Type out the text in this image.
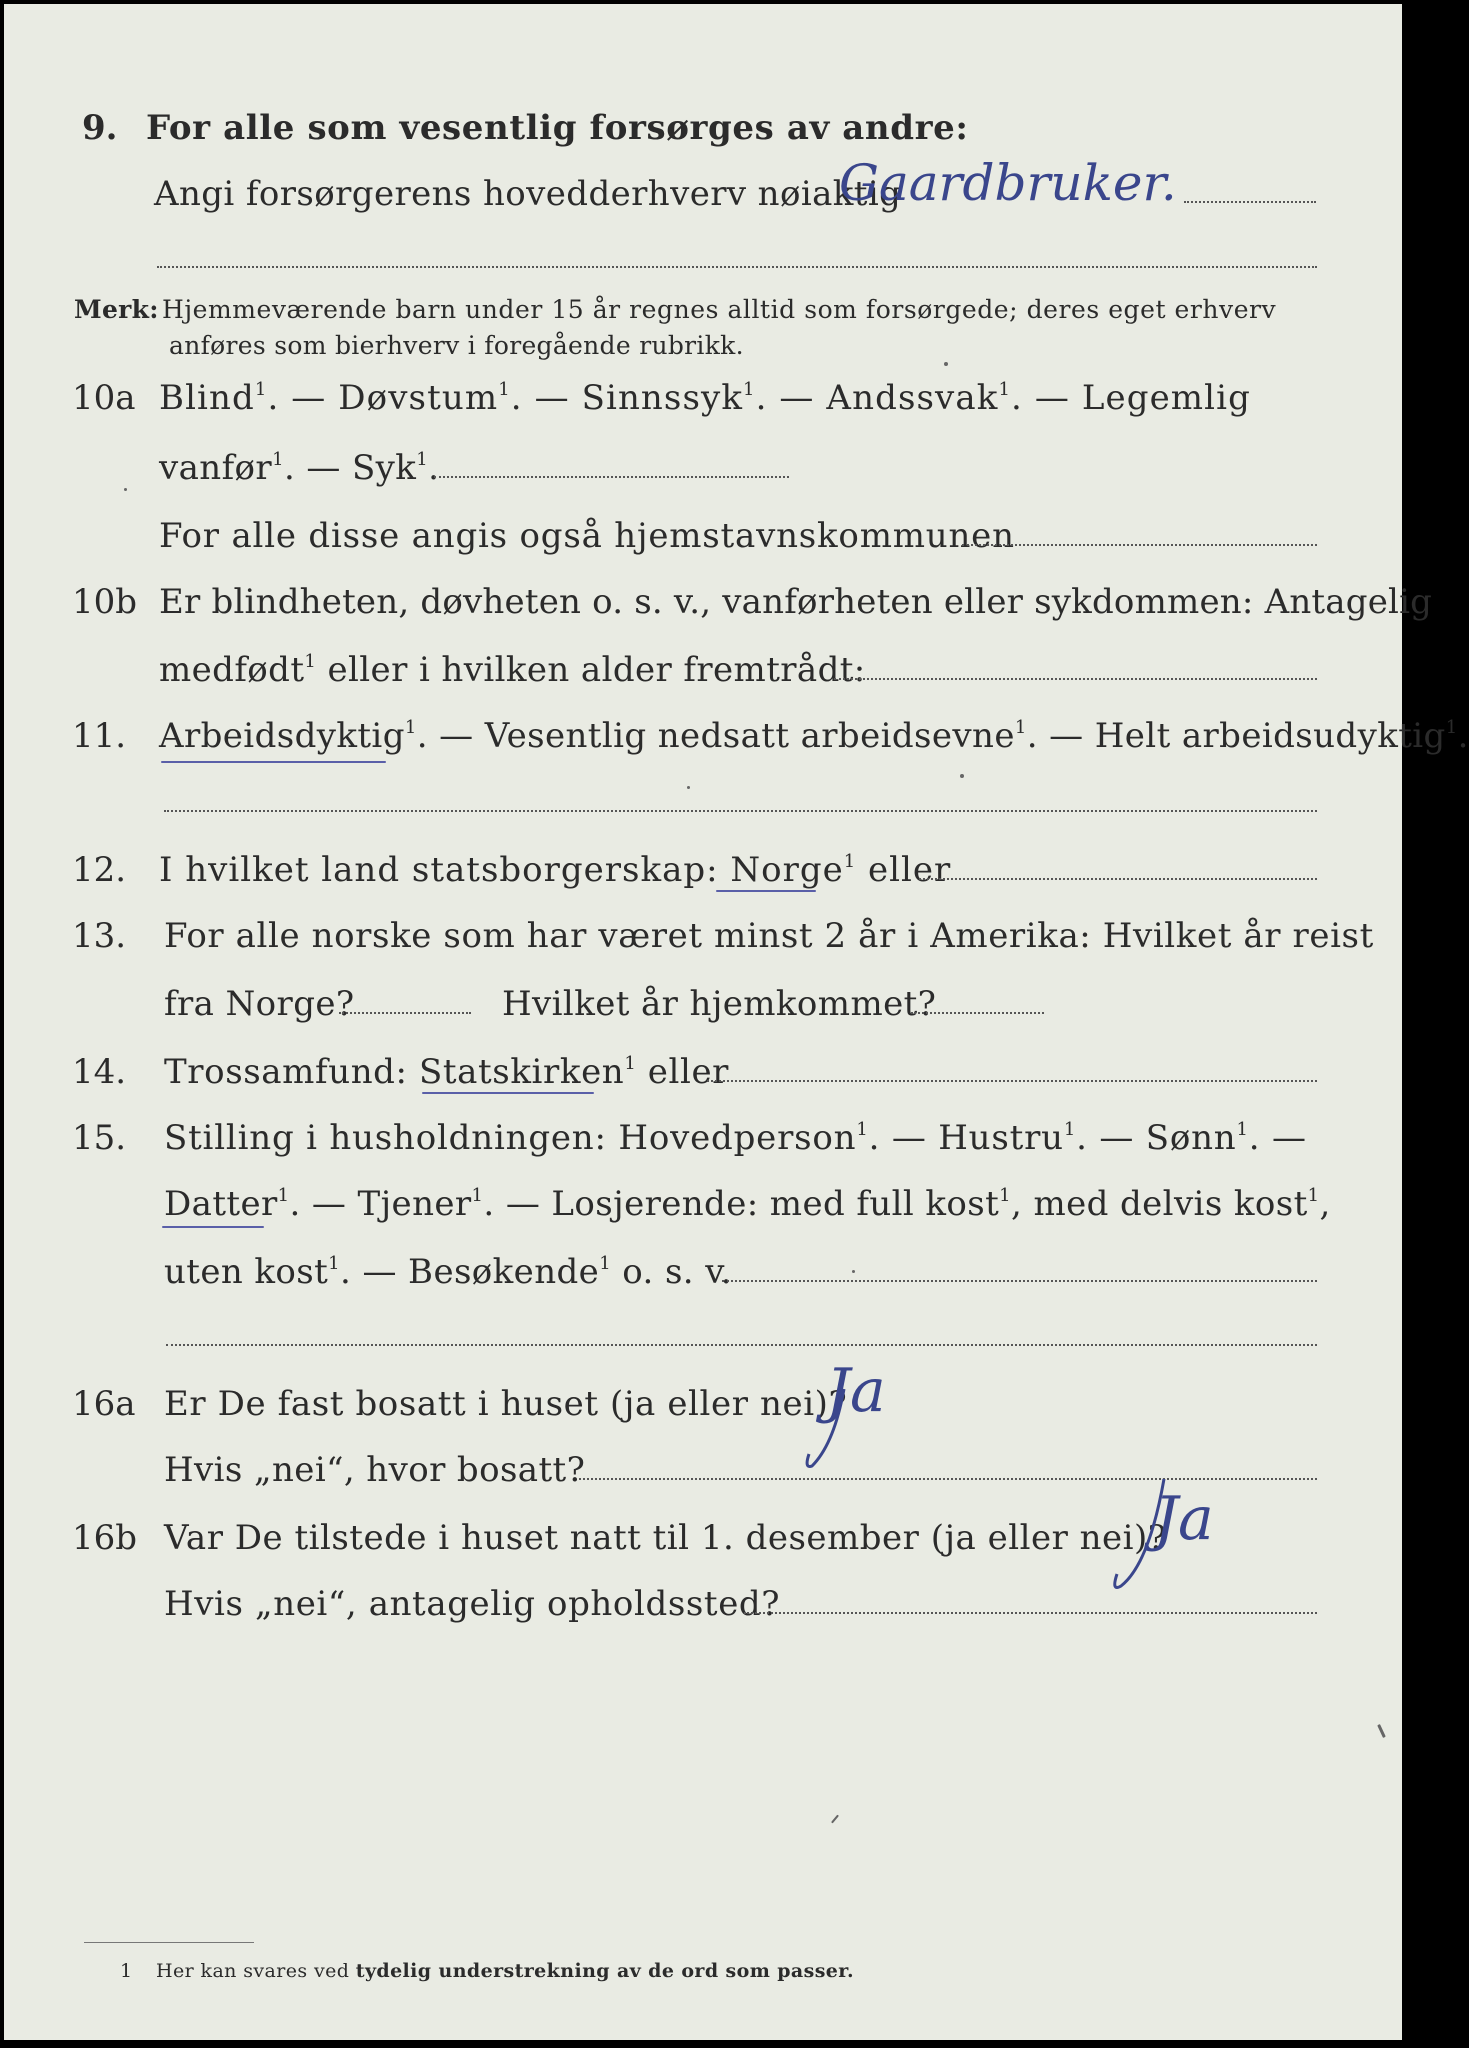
9. For alle som vesentlig forsørges av andre:
Angi forsørgerens hovedderhverv nøiaktig
Gaardbruker.
Merk: Hjemmeværende barn under 15 år regnes alltid som forsørgede; deres eget erhverv
anføres som bierhverv i foregående rubrikk.
10a Blind$^1$. — Døvstum$^1$. — Sinnssyk$^1$. — Andssvak$^1$. — Legemlig
vanfør$^1$. — Syk$^1$.
For alle disse angis også hjemstavnskommunen
10b Er blindheten, døvheten o. s. v., vanførheten eller sykdommen: Antagelig
medfødt$^1$ eller i hvilken alder fremtrådt:
11. Arbeidsdyktig$^1$. — Vesentlig nedsatt arbeidsevne$^1$. — Helt arbeidsudyktig$^1$.
12. I hvilket land statsborgerskap: Norge$^1$ eller
13. For alle norske som har været minst 2 år i Amerika: Hvilket år reist
fra Norge?	Hvilket år hjemkommet?
14. Trossamfund: Statskirken$^1$ eller
15. Stilling i husholdningen: Hovedperson$^1$. — Hustru$^1$. — Sønn$^1$. —
Datter$^1$. — Tjener$^1$. — Losjerende: med full kost$^1$, med delvis kost$^1$,
uten kost$^1$. — Besøkende$^1$ o. s. v.
16a Er De fast bosatt i huset (ja eller nei)?
Ja
Hvis „nei“, hvor bosatt?
16b Var De tilstede i huset natt til 1. desember (ja eller nei)?
Ja
Hvis „nei“, antagelig opholdssted?
1 Her kan svares ved tydelig understrekning av de ord som passer.
